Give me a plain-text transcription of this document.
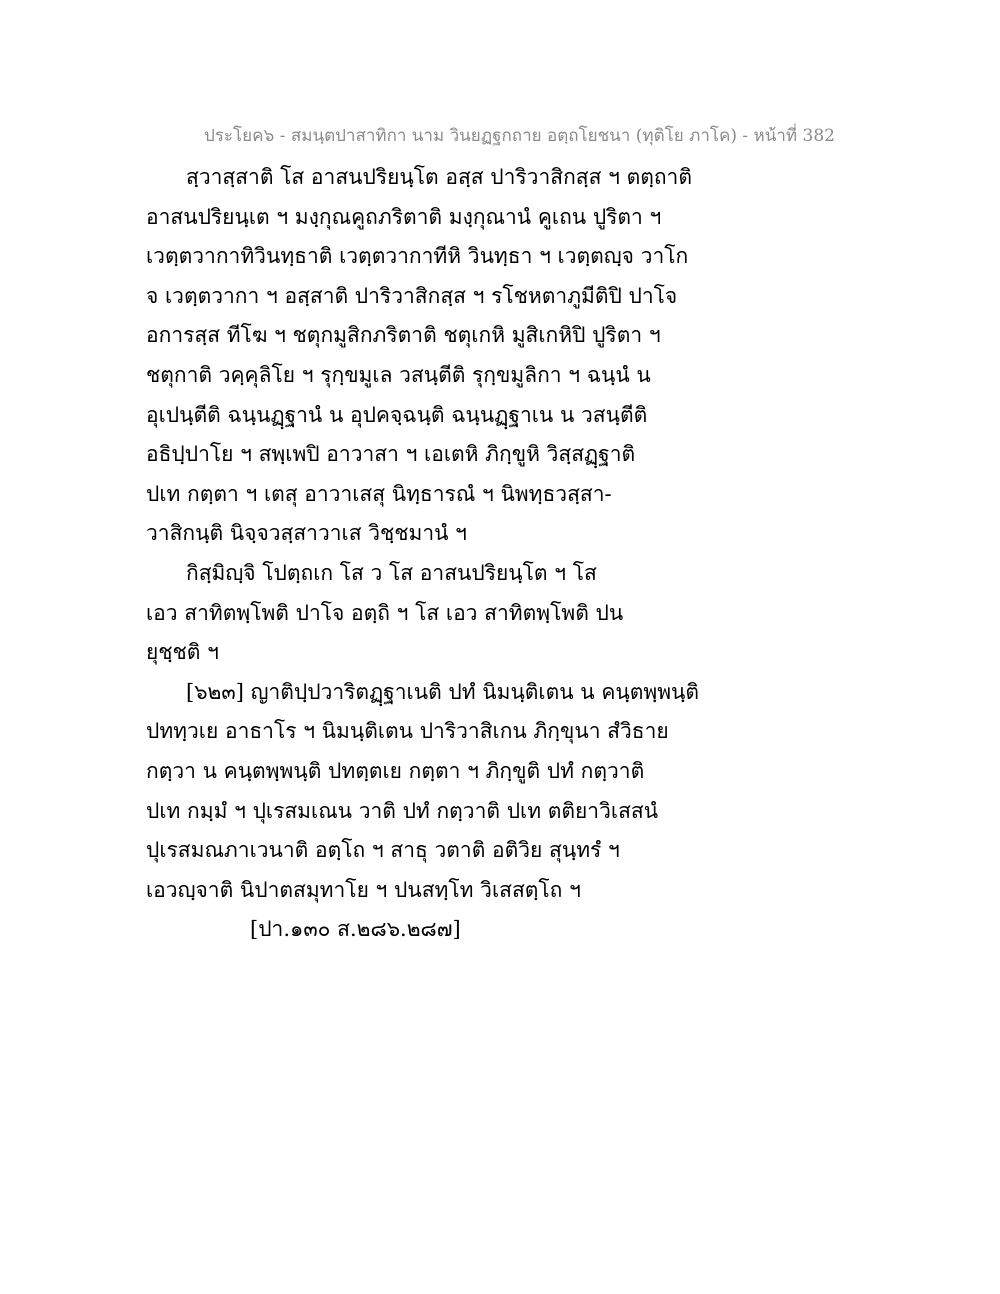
ประโยค๖ - สมนฺตปาสาทิกา นาม วินยฏฐกถาย อตฺถโยชนา (ทุติโย ภาโค) - หน้าที่ 382
สฺวาสฺสาติ โส อาสนปริยนฺโต อสฺส ปาริวาสิกสฺส ฯ ตตฺถาติ
อาสนปริยนฺเต ฯ มงฺกุณคูถภริตาติ มงฺกุณานํ คูเถน ปูริตา ฯ
เวตฺตวากาทิวินทฺธาติ เวตฺตวากาทีหิ วินทฺธา ฯ เวตฺตญฺจ วาโก
จ เวตฺตวากา ฯ อสฺสาติ ปาริวาสิกสฺส ฯ รโชหตาภูมีติปิ ปาโจ
อการสฺส ทีโฆ ฯ ชตุกมูสิกภริตาติ ชตุเกหิ มูสิเกหิปิ ปูริตา ฯ
ชตุกาติ วคฺคุลิโย ฯ รุกฺขมูเล วสนฺตีติ รุกฺขมูลิกา ฯ ฉนฺนํ น
อุเปนฺตีติ ฉนฺนฏฺฐานํ น อุปคจฺฉนฺติ ฉนฺนฏฺฐาเน น วสนฺตีติ
อธิปฺปาโย ฯ สพฺเพปิ อาวาสา ฯ เอเตหิ ภิกฺขูหิ วิสฺสฏฺฐาติ
ปเท กตฺตา ฯ เตสุ อาวาเสสุ นิทฺธารณํ ฯ นิพทฺธวสฺสา-
วาสิกนฺติ นิจฺจวสฺสาวาเส วิชฺชมานํ ฯ
กิสฺมิญฺจิ โปตฺถเก โส ว โส อาสนปริยนฺโต ฯ โส
เอว สาทิตพฺโพติ ปาโจ อตฺถิ ฯ โส เอว สาทิตพฺโพติ ปน
ยุชฺชติ ฯ
[๖๒๓] ญาติปฺปวาริตฏฺฐาเนติ ปทํ นิมนฺติเตน น คนฺตพฺพนฺติ
ปททฺวเย อาธาโร ฯ นิมนฺติเตน ปาริวาสิเกน ภิกฺขุนา สํวิธาย
กตฺวา น คนฺตพฺพนฺติ ปทตฺตเย กตฺตา ฯ ภิกฺขูติ ปทํ กตฺวาติ
ปเท กมฺมํ ฯ ปุเรสมเณน วาติ ปทํ กตฺวาติ ปเท ตติยาวิเสสนํ
ปุเรสมณภาเวนาติ อตฺโถ ฯ สาธุ วตาติ อติวิย สุนฺทรํ ฯ
เอวญฺจาติ นิปาตสมุทาโย ฯ ปนสทฺโท วิเสสตฺโถ ฯ
[ปา.๑๓๐ ส.๒๘๖.๒๘๗]
